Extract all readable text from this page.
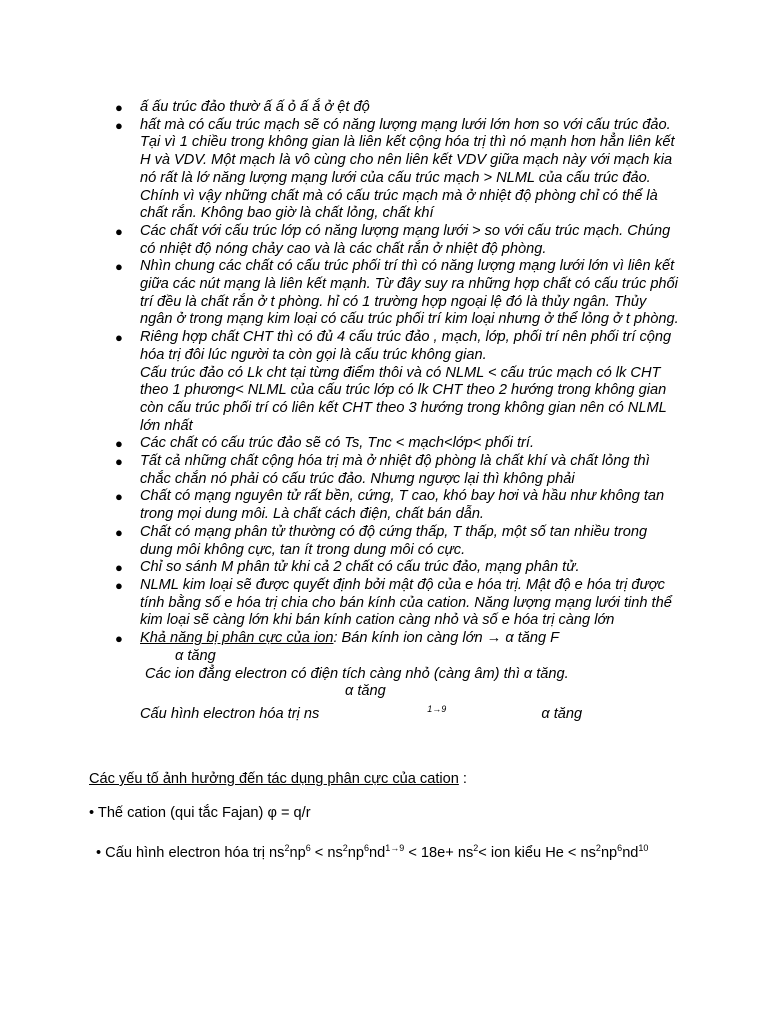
● ấ ấu trúc đảo thườ ấ ấ ỏ ấ ắ ở ệt độ
● hất mà có cấu trúc mạch sẽ có năng lượng mạng lưới lớn hơn so với cấu trúc đảo. Tại vì 1 chiều trong không gian là liên kết cộng hóa trị thì nó mạnh hơn hẳn liên kết H và VDV. Một mạch là vô cùng cho nên liên kết VDV giữa mạch này với mạch kia nó rất là lớ năng lượng mạng lưới của cấu trúc mạch > NLML của cấu trúc đảo. Chính vì vậy những chất mà có cấu trúc mạch mà ở nhiệt độ phòng chỉ có thể là chất rắn. Không bao giờ là chất lỏng, chất khí
● Các chất với cấu trúc lớp có năng lượng mạng lưới > so với cấu trúc mạch. Chúng có nhiệt độ nóng chảy cao và là các chất rắn ở nhiệt độ phòng.
● Nhìn chung các chất có cấu trúc phối trí thì có năng lượng mạng lưới lớn vì liên kết giữa các nút mạng là liên kết mạnh. Từ đây suy ra những hợp chất có cấu trúc phối trí đều là chất rắn ở t phòng. hỉ có 1 trường hợp ngoại lệ đó là thủy ngân. Thủy ngân ở trong mạng kim loại có cấu trúc phối trí kim loại nhưng ở thể lỏng ở t phòng.
● Riêng hợp chất CHT thì có đủ 4 cấu trúc đảo , mạch, lớp, phối trí nên phối trí cộng hóa trị đôi lúc người ta còn gọi là cấu trúc không gian.
Cấu trúc đảo có Lk cht tại từng điểm thôi và có NLML < cấu trúc mạch có lk CHT theo 1 phương< NLML của cấu trúc lớp có lk CHT theo 2 hướng trong không gian còn cấu trúc phối trí có liên kết CHT theo 3 hướng trong không gian nên có NLML lớn nhất
● Các chất có cấu trúc đảo sẽ có Ts, Tnc < mạch<lớp< phối trí.
● Tất cả những chất cộng hóa trị mà ở nhiệt độ phòng là chất khí và chất lỏng thì chắc chắn nó phải có cấu trúc đảo. Nhưng ngược lại thì không phải
● Chất có mạng nguyên tử rất bền, cứng, T cao, khó bay hơi và hầu như không tan trong mọi dung môi. Là chất cách điện, chất bán dẫn.
● Chất có mạng phân tử thường có độ cứng thấp, T thấp, một số tan nhiều trong dung môi không cực, tan ít trong dung môi có cực.
● Chỉ so sánh M phân tử khi cả 2 chất có cấu trúc đảo, mạng phân tử.
● NLML kim loại sẽ được quyết định bởi mật độ của e hóa trị. Mật độ e hóa trị được tính bằng số e hóa trị chia cho bán kính của cation. Năng lượng mạng lưới tinh thể kim loại sẽ càng lớn khi bán kính cation càng nhỏ và số e hóa trị càng lớn
● Khả năng bị phân cực của ion: Bán kính ion càng lớn → α tăng F
α tăng
Các ion đẳng electron có điện tích càng nhỏ (càng âm) thì α tăng.
α tăng
Cấu hình electron hóa trị ns	$^{1\to 9}$	α tăng
Các yếu tố ảnh hưởng đến tác dụng phân cực của cation :
• Thế cation (qui tắc Fajan) φ = q/r
• Cấu hình electron hóa trị $ns^2np^6 < ns^2np^6nd^{1\to 9} < 18e+ ns^2<$ ion kiểu $He < ns^2np^6nd^{10}$
